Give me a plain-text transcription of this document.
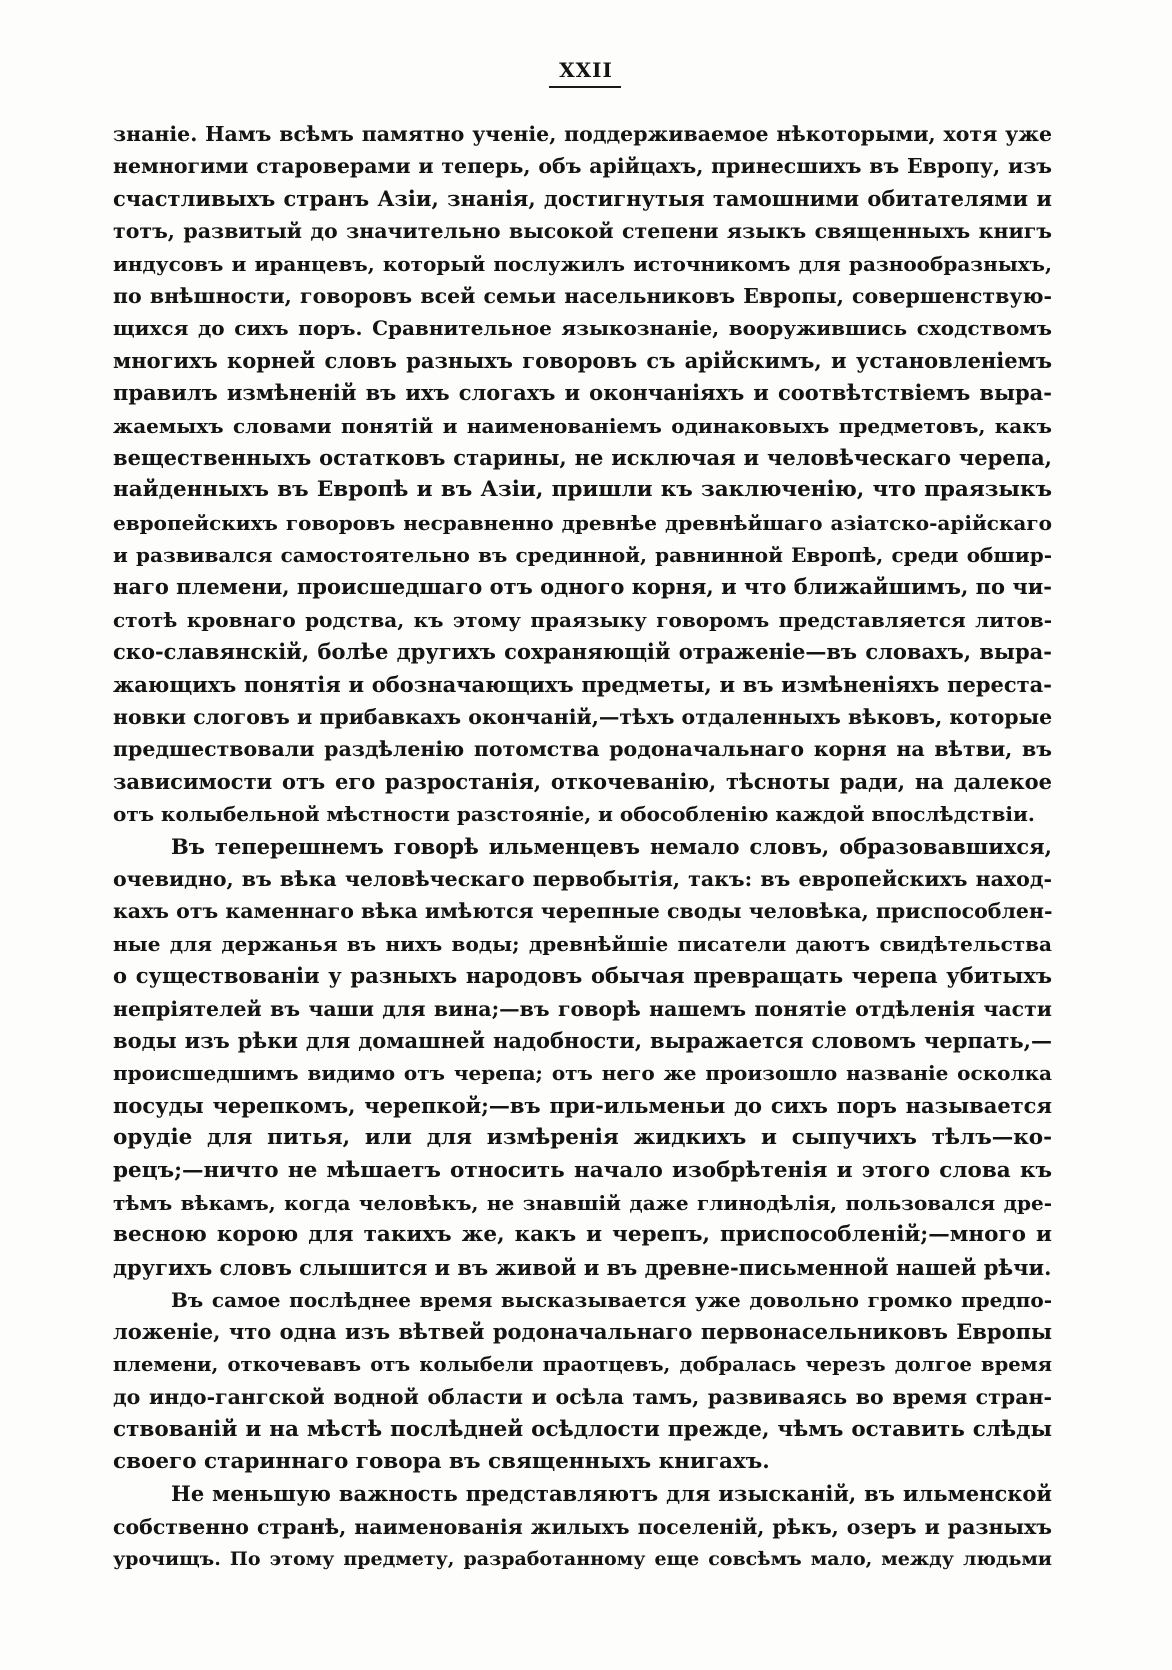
XXII
знаніе. Намъ всѣмъ памятно ученіе, поддерживаемое нѣкоторыми, хотя уже
немногими староверами и теперь, объ арійцахъ, принесшихъ въ Европу, изъ
счастливыхъ странъ Азіи, знанія, достигнутыя тамошними обитателями и
тотъ, развитый до значительно высокой степени языкъ священныхъ книгъ
индусовъ и иранцевъ, который послужилъ источникомъ для разнообразныхъ,
по внѣшности, говоровъ всей семьи насельниковъ Европы, совершенствую-
щихся до сихъ поръ. Сравнительное языкознаніе, вооружившись сходствомъ
многихъ корней словъ разныхъ говоровъ съ арійскимъ, и установленіемъ
правилъ измѣненій въ ихъ слогахъ и окончаніяхъ и соотвѣтствіемъ выра-
жаемыхъ словами понятій и наименованіемъ одинаковыхъ предметовъ, какъ
вещественныхъ остатковъ старины, не исключая и человѣческаго черепа,
найденныхъ въ Европѣ и въ Азіи, пришли къ заключенію, что праязыкъ
европейскихъ говоровъ несравненно древнѣе древнѣйшаго азіатско-арійскаго
и развивался самостоятельно въ срединной, равнинной Европѣ, среди обшир-
наго племени, происшедшаго отъ одного корня, и что ближайшимъ, по чи-
стотѣ кровнаго родства, къ этому праязыку говоромъ представляется литов-
ско-славянскій, болѣе другихъ сохраняющій отраженіе—въ словахъ, выра-
жающихъ понятія и обозначающихъ предметы, и въ измѣненіяхъ переста-
новки слоговъ и прибавкахъ окончаній,—тѣхъ отдаленныхъ вѣковъ, которые
предшествовали раздѣленію потомства родоначальнаго корня на вѣтви, въ
зависимости отъ его разростанія, откочеванію, тѣсноты ради, на далекое
отъ колыбельной мѣстности разстояніе, и обособленію каждой впослѣдствіи.
Въ теперешнемъ говорѣ ильменцевъ немало словъ, образовавшихся,
очевидно, въ вѣка человѣческаго первобытія, такъ: въ европейскихъ наход-
кахъ отъ каменнаго вѣка имѣются черепные своды человѣка, приспособлен-
ные для держанья въ нихъ воды; древнѣйшіе писатели даютъ свидѣтельства
о существованіи у разныхъ народовъ обычая превращать черепа убитыхъ
непріятелей въ чаши для вина;—въ говорѣ нашемъ понятіе отдѣленія части
воды изъ рѣки для домашней надобности, выражается словомъ черпать,—
происшедшимъ видимо отъ черепа; отъ него же произошло названіе осколка
посуды черепкомъ, черепкой;—въ при-ильменьи до сихъ поръ называется
орудіе для питья, или для измѣренія жидкихъ и сыпучихъ тѣлъ—ко-
рецъ;—ничто не мѣшаетъ относить начало изобрѣтенія и этого слова къ
тѣмъ вѣкамъ, когда человѣкъ, не знавшій даже глинодѣлія, пользовался дре-
весною корою для такихъ же, какъ и черепъ, приспособленій;—много и
другихъ словъ слышится и въ живой и въ древне-письменной нашей рѣчи.
Въ самое послѣднее время высказывается уже довольно громко предпо-
ложеніе, что одна изъ вѣтвей родоначальнаго первонасельниковъ Европы
племени, откочевавъ отъ колыбели праотцевъ, добралась черезъ долгое время
до индо-гангской водной области и осѣла тамъ, развиваясь во время стран-
ствованій и на мѣстѣ послѣдней осѣдлости прежде, чѣмъ оставить слѣды
своего стариннаго говора въ священныхъ книгахъ.
Не меньшую важность представляютъ для изысканій, въ ильменской
собственно странѣ, наименованія жилыхъ поселеній, рѣкъ, озеръ и разныхъ
урочищъ. По этому предмету, разработанному еще совсѣмъ мало, между людьми
